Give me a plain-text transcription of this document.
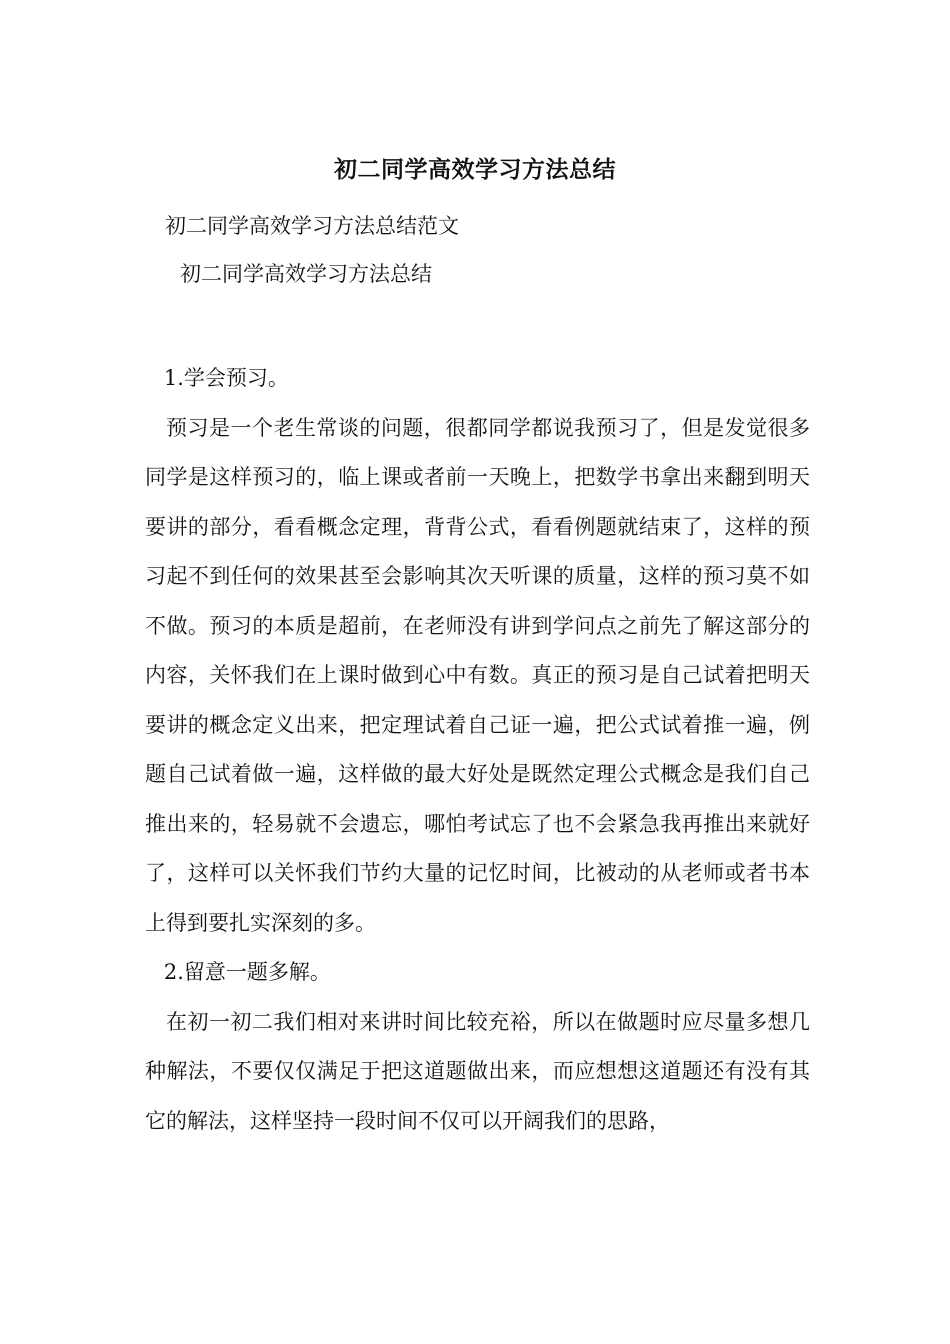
初二同学高效学习方法总结
初二同学高效学习方法总结范文
初二同学高效学习方法总结

1.学会预习。

预习是一个老生常谈的问题，很都同学都说我预习了，但是发觉很多同学是这样预习的，临上课或者前一天晚上，把数学书拿出来翻到明天要讲的部分，看看概念定理，背背公式，看看例题就结束了，这样的预习起不到任何的效果甚至会影响其次天听课的质量，这样的预习莫不如不做。预习的本质是超前，在老师没有讲到学问点之前先了解这部分的内容，关怀我们在上课时做到心中有数。真正的预习是自己试着把明天要讲的概念定义出来，把定理试着自己证一遍，把公式试着推一遍，例题自己试着做一遍，这样做的最大好处是既然定理公式概念是我们自己推出来的，轻易就不会遗忘，哪怕考试忘了也不会紧急我再推出来就好了，这样可以关怀我们节约大量的记忆时间，比被动的从老师或者书本上得到要扎实深刻的多。

2.留意一题多解。

在初一初二我们相对来讲时间比较充裕，所以在做题时应尽量多想几种解法，不要仅仅满足于把这道题做出来，而应想想这道题还有没有其它的解法，这样坚持一段时间不仅可以开阔我们的思路，
